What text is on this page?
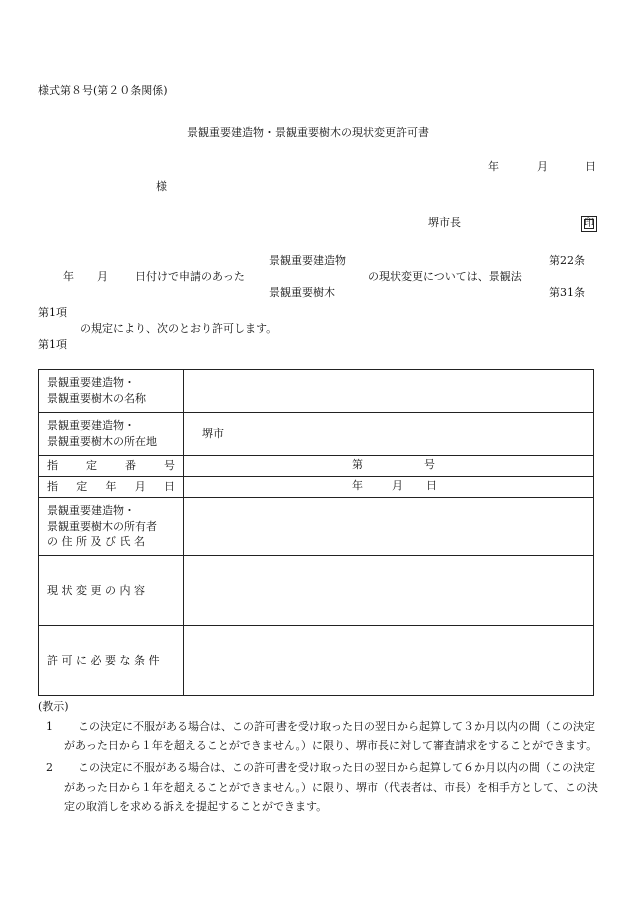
様式第８号(第２０条関係)
景観重要建造物・景観重要樹木の現状変更許可書
年	月	日
様
堺市長	印
景観重要建造物	第22条
年 月 日付けで申請のあった	の現状変更については、景観法
景観重要樹木	第31条
第1項
の規定により、次のとおり許可します。
第1項
景観重要建造物・
景観重要樹木の名称	

景観重要建造物・
景観重要樹木の所在地	堺市

指 定 番 号	第 号

指 定 年 月 日	年 月 日

景観重要建造物・
景観重要樹木の所有者
の 住 所 及 び 氏 名	

現 状 変 更 の 内 容	
許 可 に 必 要 な 条 件	
(教示)
1	この決定に不服がある場合は、この許可書を受け取った日の翌日から起算して３か月以内の間（この決定があった日から１年を超えることができません。）に限り、堺市長に対して審査請求をすることができます。
2	この決定に不服がある場合は、この許可書を受け取った日の翌日から起算して６か月以内の間（この決定があった日から１年を超えることができません。）に限り、堺市（代表者は、市長）を相手方として、この決定の取消しを求める訴えを提起することができます。
